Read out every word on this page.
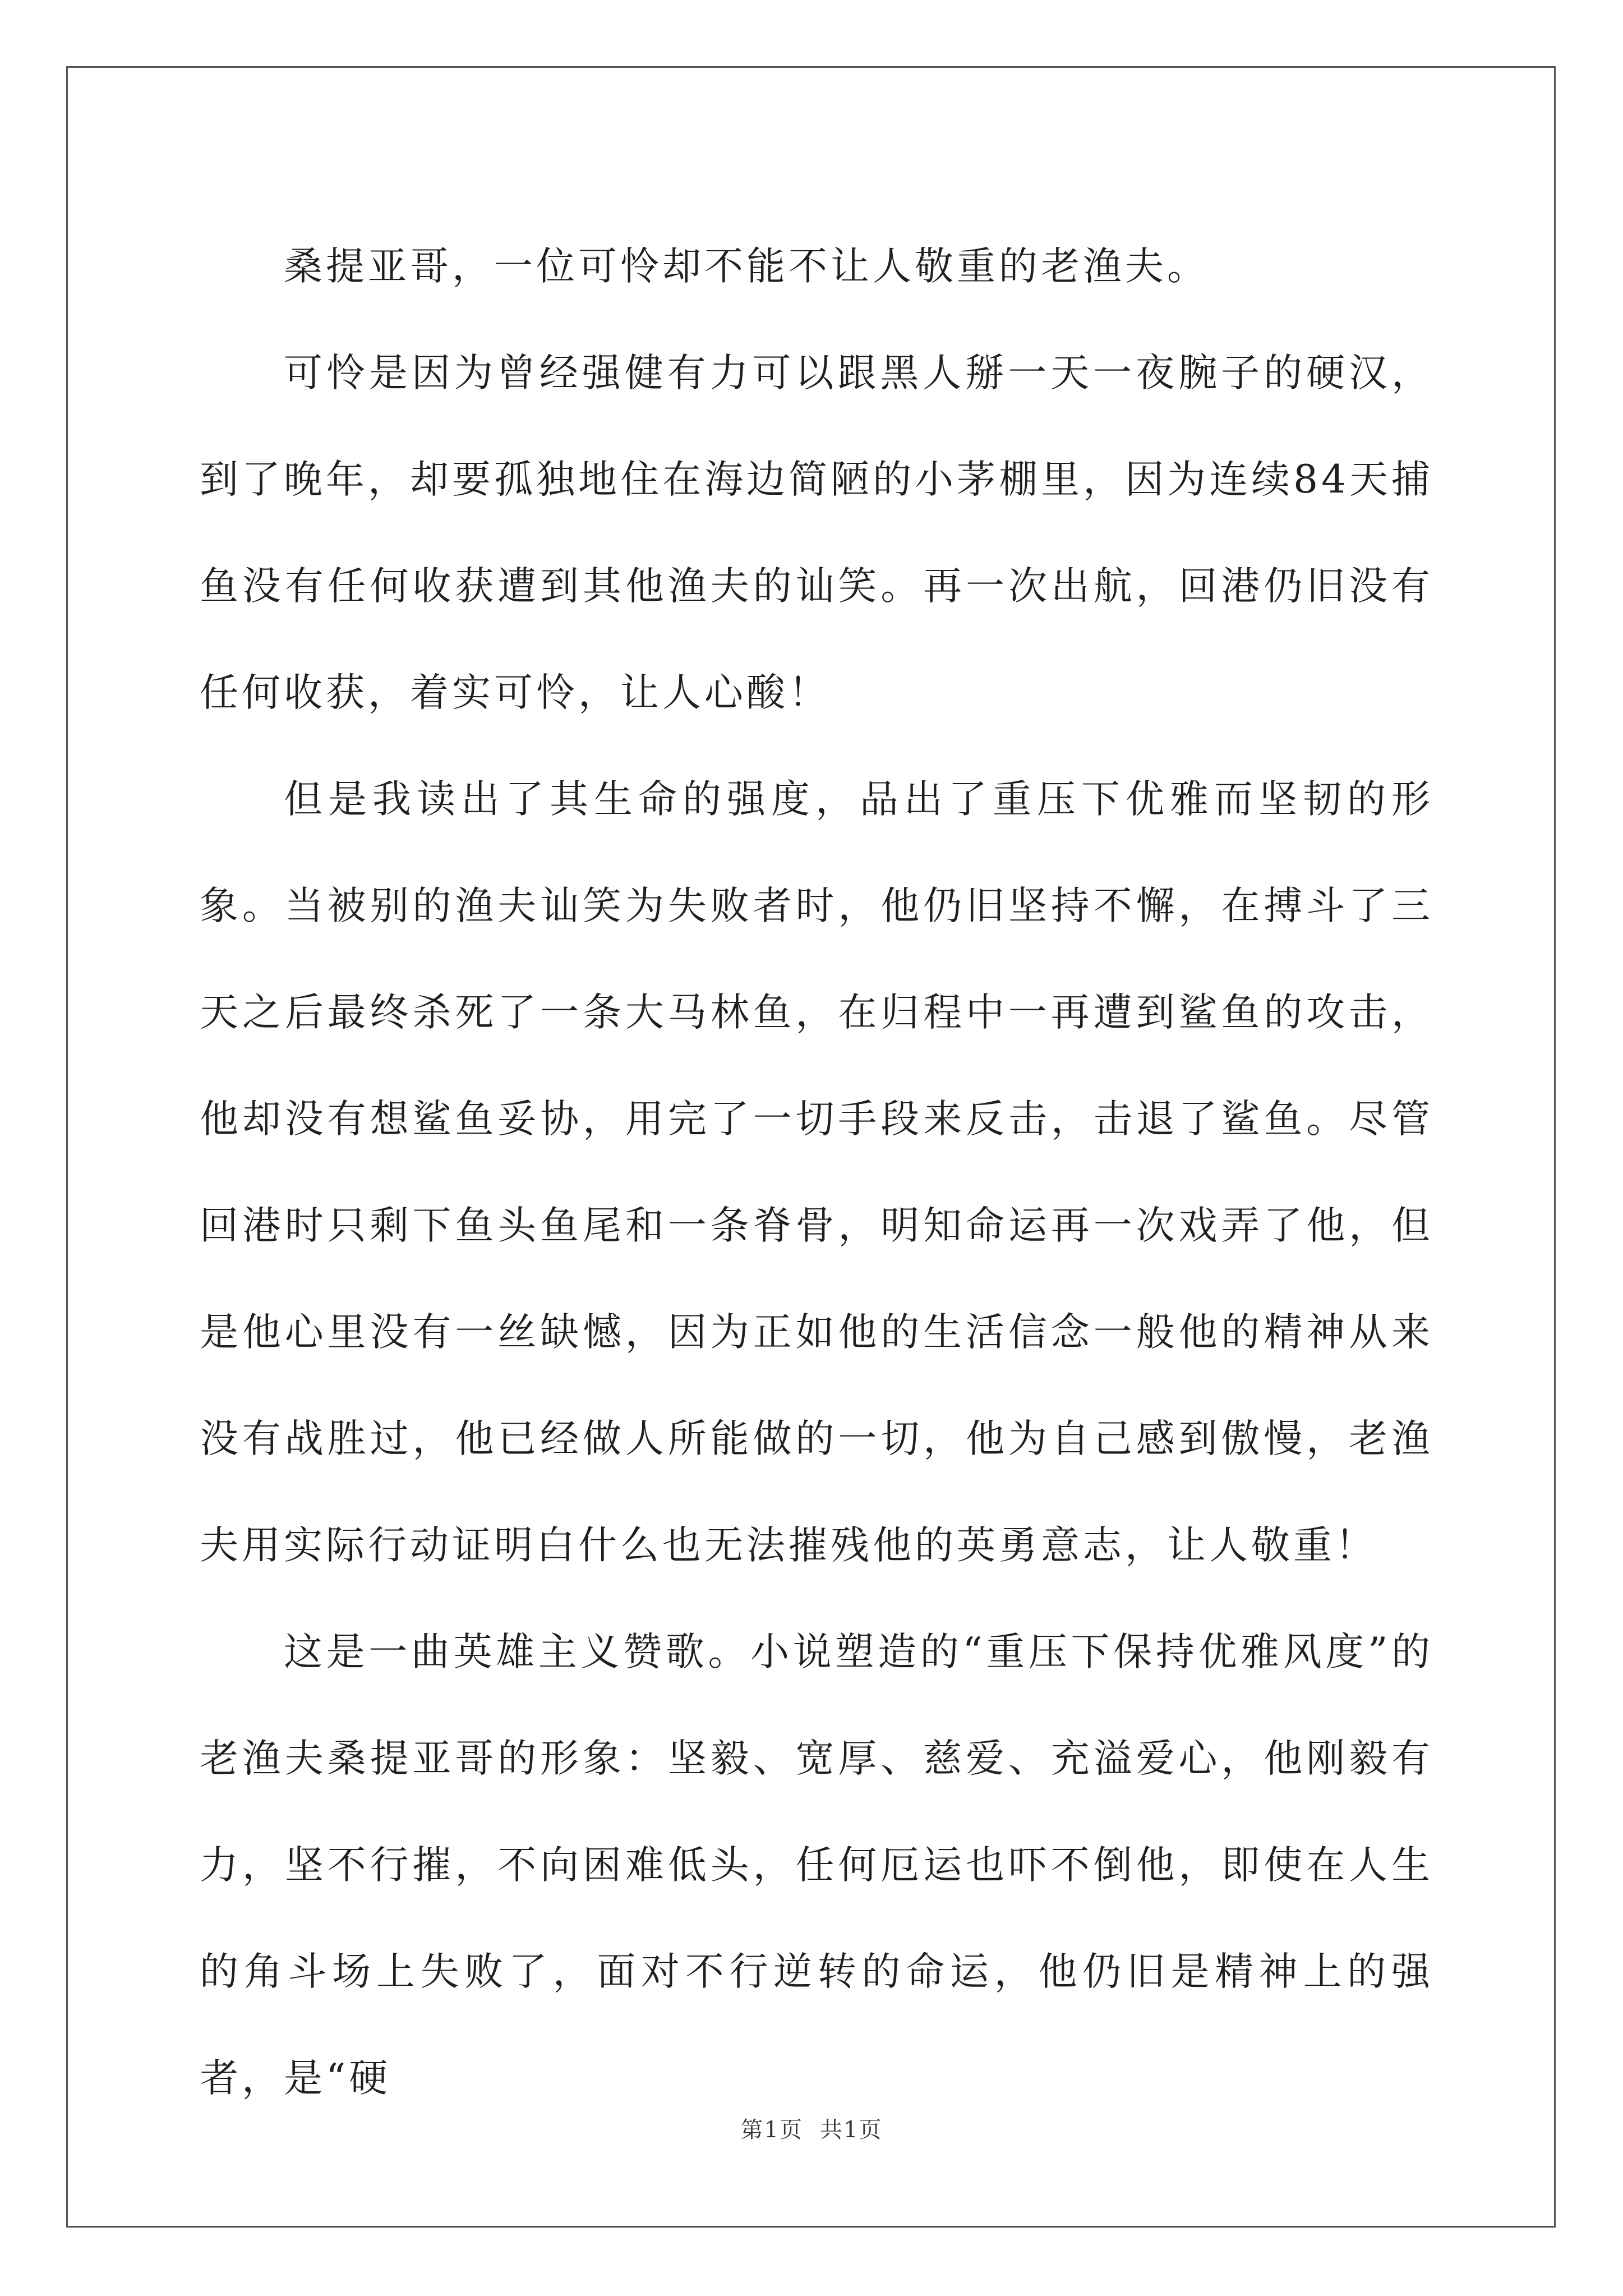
桑提亚哥，一位可怜却不能不让人敬重的老渔夫。

可怜是因为曾经强健有力可以跟黑人掰一天一夜腕子的硬汉，到了晚年，却要孤独地住在海边简陋的小茅棚里，因为连续84天捕鱼没有任何收获遭到其他渔夫的讪笑。再一次出航，回港仍旧没有任何收获，着实可怜，让人心酸！

但是我读出了其生命的强度，品出了重压下优雅而坚韧的形象。当被别的渔夫讪笑为失败者时，他仍旧坚持不懈，在搏斗了三天之后最终杀死了一条大马林鱼，在归程中一再遭到鲨鱼的攻击，他却没有想鲨鱼妥协，用完了一切手段来反击，击退了鲨鱼。尽管回港时只剩下鱼头鱼尾和一条脊骨，明知命运再一次戏弄了他，但是他心里没有一丝缺憾，因为正如他的生活信念一般他的精神从来没有战胜过，他已经做人所能做的一切，他为自己感到傲慢，老渔夫用实际行动证明白什么也无法摧残他的英勇意志，让人敬重！

这是一曲英雄主义赞歌。小说塑造的“重压下保持优雅风度”的老渔夫桑提亚哥的形象：坚毅、宽厚、慈爱、充溢爱心，他刚毅有力，坚不行摧，不向困难低头，任何厄运也吓不倒他，即使在人生的角斗场上失败了，面对不行逆转的命运，他仍旧是精神上的强者，是“硬

第1页 共1页
